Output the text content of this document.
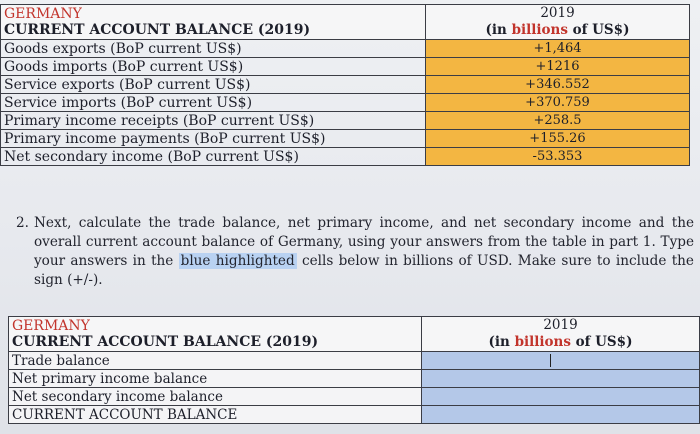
GERMANY
CURRENT ACCOUNT BALANCE (2019)	2019
(in billions of US$)

Goods exports (BoP current US$)	+1,464
Goods imports (BoP current US$)	+1216
Service exports (BoP current US$)	+346.552
Service imports (BoP current US$)	+370.759
Primary income receipts (BoP current US$)	+258.5
Primary income payments (BoP current US$)	+155.26
Net secondary income (BoP current US$)	-53.353
2. Next, calculate the trade balance, net primary income, and net secondary income and the overall current account balance of Germany, using your answers from the table in part 1. Type your answers in the blue highlighted cells below in billions of USD. Make sure to include the sign (+/-).
GERMANY
CURRENT ACCOUNT BALANCE (2019)	2019
(in billions of US$)

Trade balance	

Net primary income balance	
Net secondary income balance	
CURRENT ACCOUNT BALANCE	
